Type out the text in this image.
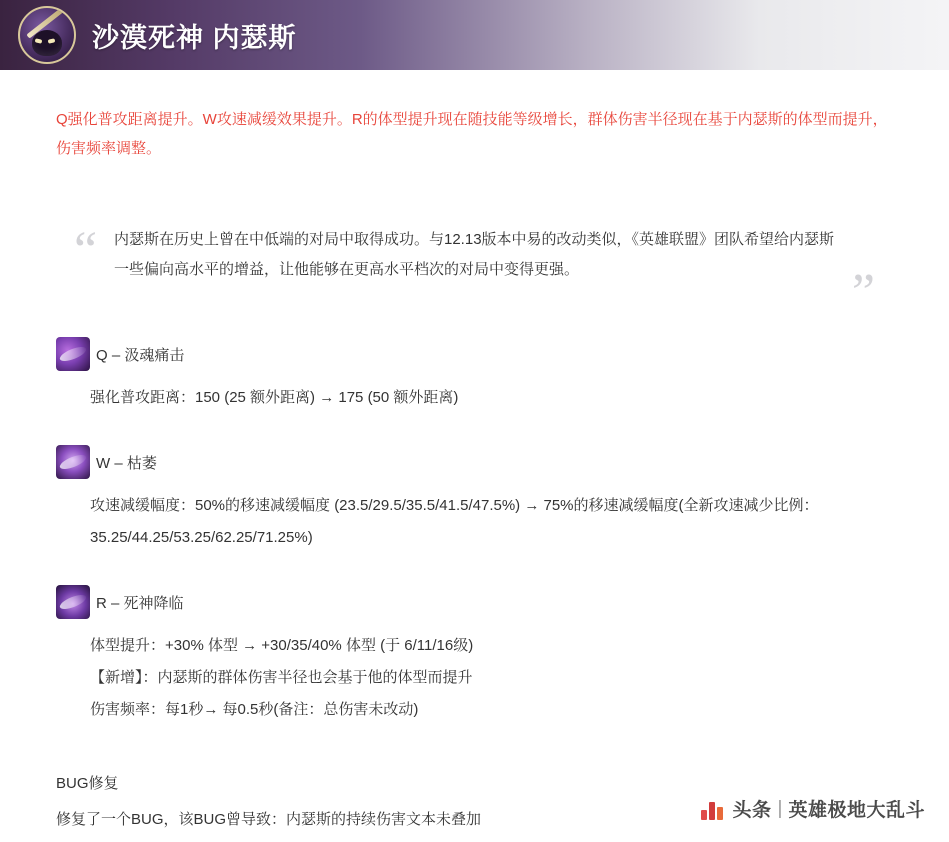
沙漠死神 内瑟斯
Q强化普攻距离提升。W攻速减缓效果提升。R的体型提升现在随技能等级增长，群体伤害半径现在基于内瑟斯的体型而提升，伤害频率调整。
“ 内瑟斯在历史上曾在中低端的对局中取得成功。与12.13版本中易的改动类似，《英雄联盟》团队希望给内瑟斯一些偏向高水平的增益，让他能够在更高水平档次的对局中变得更强。	”
Q – 汲魂痛击
强化普攻距离：150 (25 额外距离) → 175 (50 额外距离)
W – 枯萎
攻速减缓幅度：50%的移速减缓幅度 (23.5/29.5/35.5/41.5/47.5%) → 75%的移速减缓幅度(全新攻速减少比例：
35.25/44.25/53.25/62.25/71.25%)
R – 死神降临
体型提升：+30% 体型 → +30/35/40% 体型 (于 6/11/16级)
【新增】：内瑟斯的群体伤害半径也会基于他的体型而提升
伤害频率：每1秒→ 每0.5秒(备注：总伤害未改动)
BUG修复
修复了一个BUG，该BUG曾导致：内瑟斯的持续伤害文本未叠加	头条 | 英雄极地大乱斗
